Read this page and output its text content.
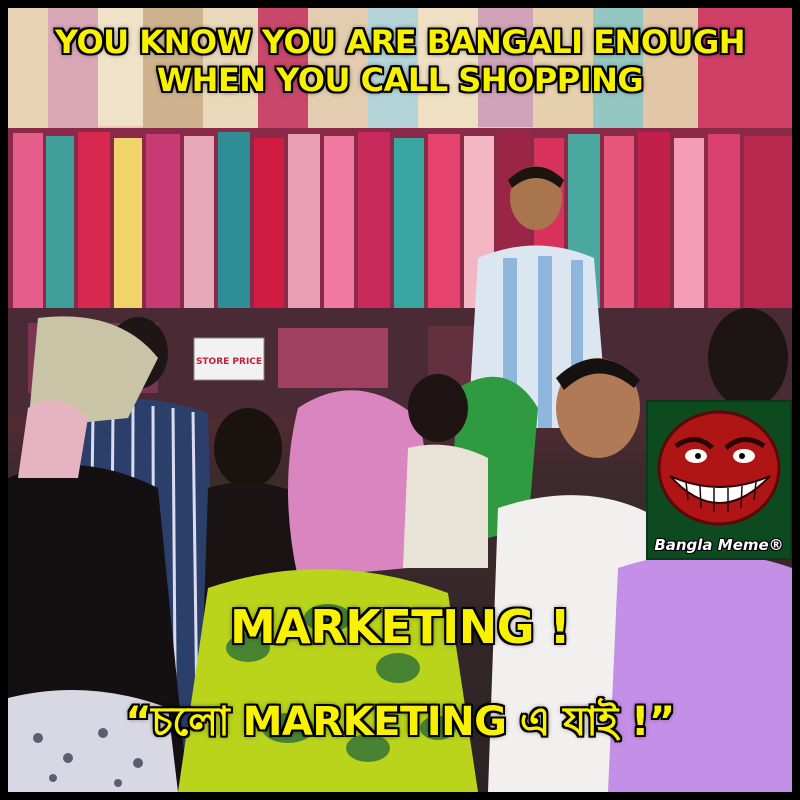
STORE PRICE
YOU KNOW YOU ARE BANGALI ENOUGH
WHEN YOU CALL SHOPPING
Bangla Meme®
MARKETING !
“চলো MARKETING এ যাই !”
